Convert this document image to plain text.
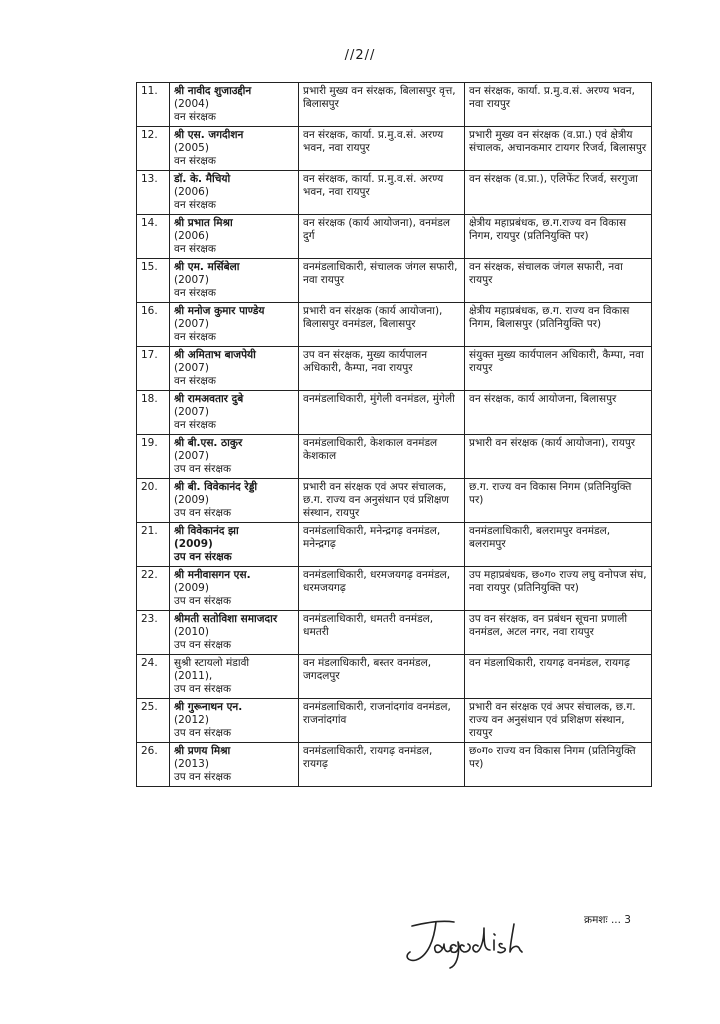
//2//
11.	श्री नावीद शुजाउद्दीन
(2004)
वन संरक्षक	प्रभारी मुख्य वन संरक्षक, बिलासपुर वृत्त, बिलासपुर	वन संरक्षक, कार्या. प्र.मु.व.सं. अरण्य भवन, नवा रायपुर
12.	श्री एस. जगदीशन
(2005)
वन संरक्षक	वन संरक्षक, कार्या. प्र.मु.व.सं. अरण्य भवन, नवा रायपुर	प्रभारी मुख्य वन संरक्षक (व.प्रा.) एवं क्षेत्रीय संचालक, अचानकमार टायगर रिजर्व, बिलासपुर
13.	डॉ. के. मैचियो
(2006)
वन संरक्षक	वन संरक्षक, कार्या. प्र.मु.व.सं. अरण्य भवन, नवा रायपुर	वन संरक्षक (व.प्रा.), एलिफेंट रिजर्व, सरगुजा
14.	श्री प्रभात मिश्रा
(2006)
वन संरक्षक	वन संरक्षक (कार्य आयोजना), वनमंडल दुर्ग	क्षेत्रीय महाप्रबंधक, छ.ग.राज्य वन विकास निगम, रायपुर (प्रतिनियुक्ति पर)
15.	श्री एम. मर्सिबेला
(2007)
वन संरक्षक	वनमंडलाधिकारी, संचालक जंगल सफारी, नवा रायपुर	वन संरक्षक, संचालक जंगल सफारी, नवा रायपुर
16.	श्री मनोज कुमार पाण्डेय
(2007)
वन संरक्षक	प्रभारी वन संरक्षक (कार्य आयोजना), बिलासपुर वनमंडल, बिलासपुर	क्षेत्रीय महाप्रबंधक, छ.ग. राज्य वन विकास निगम, बिलासपुर (प्रतिनियुक्ति पर)
17.	श्री अमिताभ बाजपेयी
(2007)
वन संरक्षक	उप वन संरक्षक, मुख्य कार्यपालन अधिकारी, कैम्पा, नवा रायपुर	संयुक्त मुख्य कार्यपालन अधिकारी, कैम्पा, नवा रायपुर
18.	श्री रामअवतार दुबे
(2007)
वन संरक्षक	वनमंडलाधिकारी, मुंगेली वनमंडल, मुंगेली	वन संरक्षक, कार्य आयोजना, बिलासपुर
19.	श्री बी.एस. ठाकुर
(2007)
उप वन संरक्षक	वनमंडलाधिकारी, केशकाल वनमंडल केशकाल	प्रभारी वन संरक्षक (कार्य आयोजना), रायपुर
20.	श्री बी. विवेकानंद रेड्डी
(2009)
उप वन संरक्षक	प्रभारी वन संरक्षक एवं अपर संचालक, छ.ग. राज्य वन अनुसंधान एवं प्रशिक्षण संस्थान, रायपुर	छ.ग. राज्य वन विकास निगम (प्रतिनियुक्ति पर)
21.	श्री विवेकानंद झा
(2009)
उप वन संरक्षक	वनमंडलाधिकारी, मनेन्द्रगढ़ वनमंडल, मनेन्द्रगढ़	वनमंडलाधिकारी, बलरामपुर वनमंडल, बलरामपुर
22.	श्री मनीवासगन एस.
(2009)
उप वन संरक्षक	वनमंडलाधिकारी, धरमजयगढ़ वनमंडल, धरमजयगढ़	उप महाप्रबंधक, छ०ग० राज्य लघु वनोपज संघ, नवा रायपुर (प्रतिनियुक्ति पर)
23.	श्रीमती सतोविशा समाजदार
(2010)
उप वन संरक्षक	वनमंडलाधिकारी, धमतरी वनमंडल, धमतरी	उप वन संरक्षक, वन प्रबंधन सूचना प्रणाली वनमंडल, अटल नगर, नवा रायपुर
24.	सुश्री स्टायलो मंडावी
(2011),
उप वन संरक्षक	वन मंडलाधिकारी, बस्तर वनमंडल, जगदलपुर	वन मंडलाधिकारी, रायगढ़ वनमंडल, रायगढ़
25.	श्री गुरूनाथन एन.
(2012)
उप वन संरक्षक	वनमंडलाधिकारी, राजनांदगांव वनमंडल, राजनांदगांव	प्रभारी वन संरक्षक एवं अपर संचालक, छ.ग. राज्य वन अनुसंधान एवं प्रशिक्षण संस्थान, रायपुर
26.	श्री प्रणय मिश्रा
(2013)
उप वन संरक्षक	वनमंडलाधिकारी, रायगढ़ वनमंडल, रायगढ़	छ०ग० राज्य वन विकास निगम (प्रतिनियुक्ति पर)
क्रमशः ... 3
